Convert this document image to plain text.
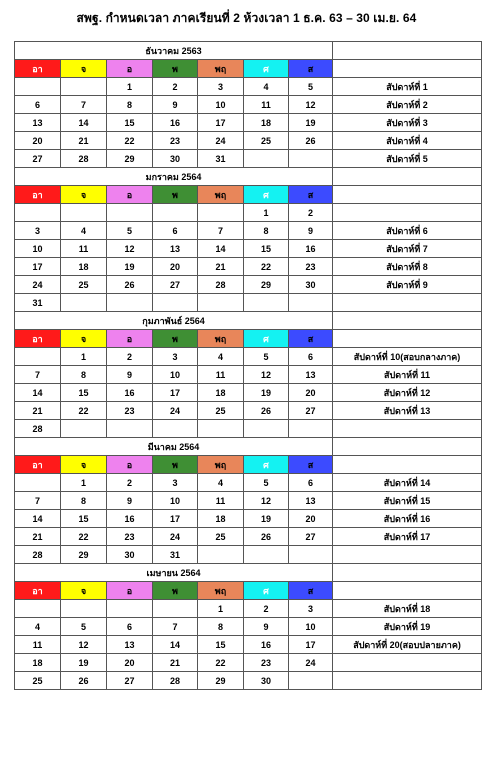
สพฐ. กำหนดเวลา ภาคเรียนที่ 2 ห้วงเวลา 1 ธ.ค. 63 – 30 เม.ย. 64
ธันวาคม 2563							
อา	จ	อ	พ	พฤ	ศ	ส	
		1	2	3	4	5	สัปดาห์ที่ 1
6	7	8	9	10	11	12	สัปดาห์ที่ 2
13	14	15	16	17	18	19	สัปดาห์ที่ 3
20	21	22	23	24	25	26	สัปดาห์ที่ 4
27	28	29	30	31			สัปดาห์ที่ 5
มกราคม 2564							
อา	จ	อ	พ	พฤ	ศ	ส	
					1	2	
3	4	5	6	7	8	9	สัปดาห์ที่ 6
10	11	12	13	14	15	16	สัปดาห์ที่ 7
17	18	19	20	21	22	23	สัปดาห์ที่ 8
24	25	26	27	28	29	30	สัปดาห์ที่ 9
31							
กุมภาพันธ์ 2564							
อา	จ	อ	พ	พฤ	ศ	ส	
	1	2	3	4	5	6	สัปดาห์ที่ 10(สอบกลางภาค)
7	8	9	10	11	12	13	สัปดาห์ที่ 11
14	15	16	17	18	19	20	สัปดาห์ที่ 12
21	22	23	24	25	26	27	สัปดาห์ที่ 13
28							
มีนาคม 2564							
อา	จ	อ	พ	พฤ	ศ	ส	
	1	2	3	4	5	6	สัปดาห์ที่ 14
7	8	9	10	11	12	13	สัปดาห์ที่ 15
14	15	16	17	18	19	20	สัปดาห์ที่ 16
21	22	23	24	25	26	27	สัปดาห์ที่ 17
28	29	30	31				
เมษายน 2564							
อา	จ	อ	พ	พฤ	ศ	ส	
				1	2	3	สัปดาห์ที่ 18
4	5	6	7	8	9	10	สัปดาห์ที่ 19
11	12	13	14	15	16	17	สัปดาห์ที่ 20(สอบปลายภาค)
18	19	20	21	22	23	24	
25	26	27	28	29	30		
